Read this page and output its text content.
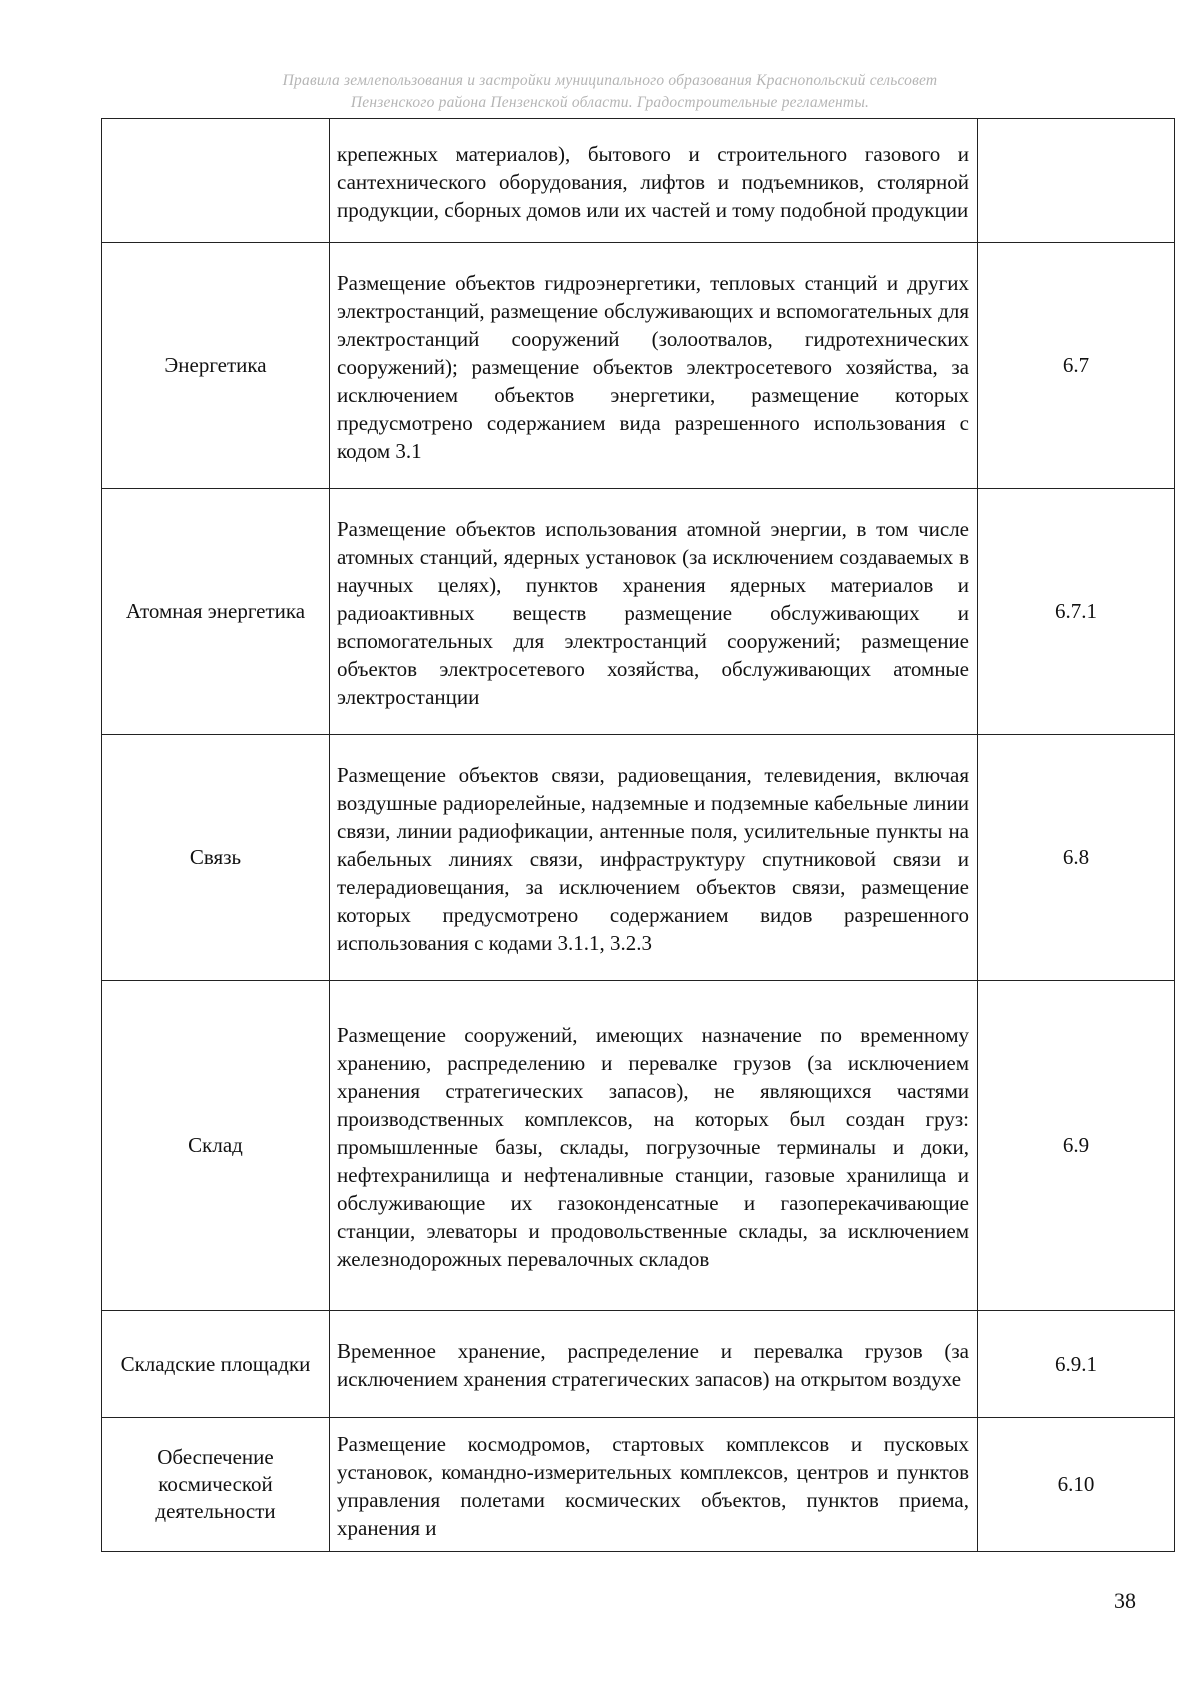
Правила землепользования и застройки муниципального образования Краснопольский сельсовет
Пензенского района Пензенской области. Градостроительные регламенты.
	крепежных материалов), бытового и строительного газового и сантехнического оборудования, лифтов и подъемников, столярной продукции, сборных домов или их частей и тому подобной продукции	
Энергетика	Размещение объектов гидроэнергетики, тепловых станций и других электростанций, размещение обслуживающих и вспомогательных для электростанций сооружений (золоотвалов, гидротехнических сооружений); размещение объектов электросетевого хозяйства, за исключением объектов энергетики, размещение которых предусмотрено содержанием вида разрешенного использования с кодом 3.1	6.7
Атомная энергетика	Размещение объектов использования атомной энергии, в том числе атомных станций, ядерных установок (за исключением создаваемых в научных целях), пунктов хранения ядерных материалов и радиоактивных веществ размещение обслуживающих и вспомогательных для электростанций сооружений; размещение объектов электросетевого хозяйства, обслуживающих атомные электростанции	6.7.1
Связь	Размещение объектов связи, радиовещания, телевидения, включая воздушные радиорелейные, надземные и подземные кабельные линии связи, линии радиофикации, антенные поля, усилительные пункты на кабельных линиях связи, инфраструктуру спутниковой связи и телерадиовещания, за исключением объектов связи, размещение которых предусмотрено содержанием видов разрешенного использования с кодами 3.1.1, 3.2.3	6.8
Склад	Размещение сооружений, имеющих назначение по временному хранению, распределению и перевалке грузов (за исключением хранения стратегических запасов), не являющихся частями производственных комплексов, на которых был создан груз: промышленные базы, склады, погрузочные терминалы и доки, нефтехранилища и нефтеналивные станции, газовые хранилища и обслуживающие их газоконденсатные и газоперекачивающие станции, элеваторы и продовольственные склады, за исключением железнодорожных перевалочных складов	6.9
Складские площадки	Временное хранение, распределение и перевалка грузов (за исключением хранения стратегических запасов) на открытом воздухе	6.9.1
Обеспечение космической деятельности	Размещение космодромов, стартовых комплексов и пусковых установок, командно-измерительных комплексов, центров и пунктов управления полетами космических объектов, пунктов приема, хранения и	6.10
38
